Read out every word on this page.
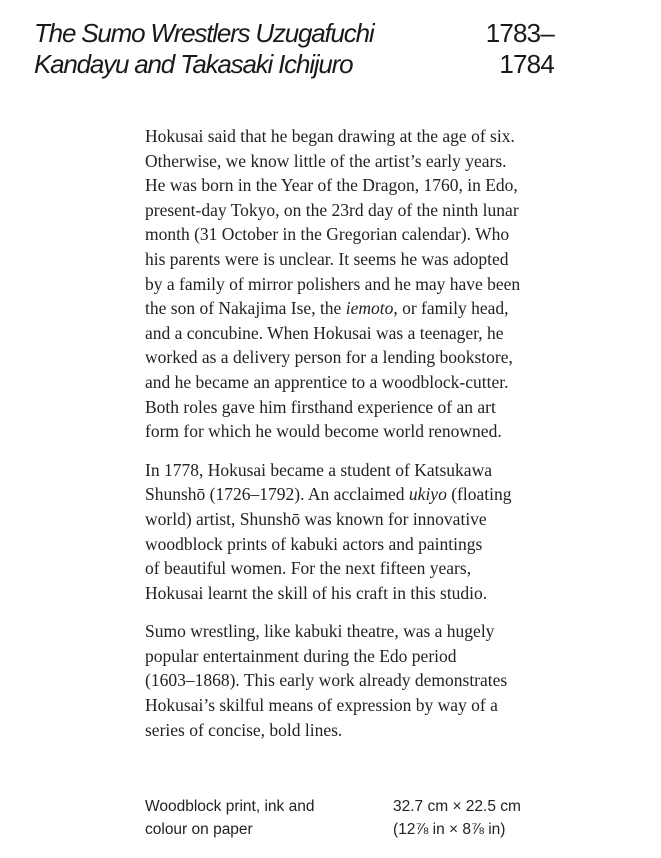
The Sumo Wrestlers Uzugafuchi
Kandayu and Takasaki Ichijuro
1783–
1784

Hokusai said that he began drawing at the age of six.
Otherwise, we know little of the artist’s early years.
He was born in the Year of the Dragon, 1760, in Edo,
present-day Tokyo, on the 23rd day of the ninth lunar
month (31 October in the Gregorian calendar). Who
his parents were is unclear. It seems he was adopted
by a family of mirror polishers and he may have been
the son of Nakajima Ise, the iemoto, or family head,
and a concubine. When Hokusai was a teenager, he
worked as a delivery person for a lending bookstore,
and he became an apprentice to a woodblock-cutter.
Both roles gave him firsthand experience of an art
form for which he would become world renowned.

In 1778, Hokusai became a student of Katsukawa
Shunshō (1726–1792). An acclaimed ukiyo (floating
world) artist, Shunshō was known for innovative
woodblock prints of kabuki actors and paintings
of beautiful women. For the next fifteen years,
Hokusai learnt the skill of his craft in this studio.

Sumo wrestling, like kabuki theatre, was a hugely
popular entertainment during the Edo period
(1603–1868). This early work already demonstrates
Hokusai’s skilful means of expression by way of a
series of concise, bold lines.

Woodblock print, ink and
colour on paper
32.7 cm × 22.5 cm
(12⅞ in × 8⅞ in)
